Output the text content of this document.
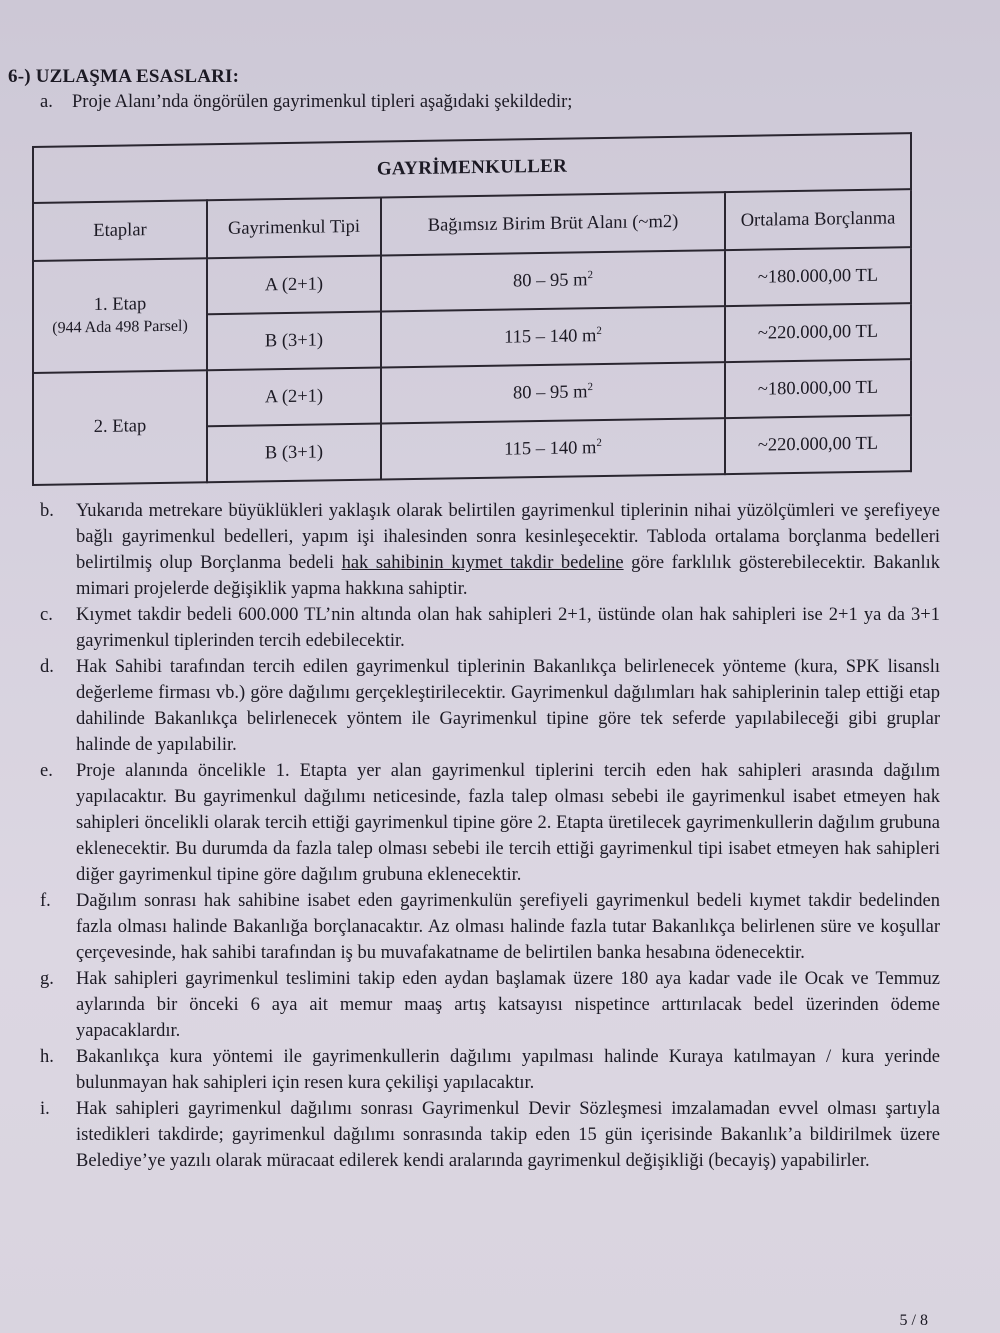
6-) UZLAŞMA ESASLARI:
a. Proje Alanı’nda öngörülen gayrimenkul tipleri aşağıdaki şekildedir;
GAYRİMENKULLER			
Etaplar	Gayrimenkul Tipi	Bağımsız Birim Brüt Alanı (~m2)	Ortalama Borçlanma
1. Etap
(944 Ada 498 Parsel)	A (2+1)	80 – 95 $m^2$	~180.000,00 TL
	B (3+1)	115 – 140 $m^2$	~220.000,00 TL
2. Etap	A (2+1)	80 – 95 $m^2$	~180.000,00 TL
	B (3+1)	115 – 140 $m^2$	~220.000,00 TL
b.	Yukarıda metrekare büyüklükleri yaklaşık olarak belirtilen gayrimenkul tiplerinin nihai yüzölçümleri ve şerefiyeye bağlı gayrimenkul bedelleri, yapım işi ihalesinden sonra kesinleşecektir. Tabloda ortalama borçlanma bedelleri belirtilmiş olup Borçlanma bedeli hak sahibinin kıymet takdir bedeline göre farklılık gösterebilecektir. Bakanlık mimari projelerde değişiklik yapma hakkına sahiptir.
c.	Kıymet takdir bedeli 600.000 TL’nin altında olan hak sahipleri 2+1, üstünde olan hak sahipleri ise 2+1 ya da 3+1 gayrimenkul tiplerinden tercih edebilecektir.
d.	Hak Sahibi tarafından tercih edilen gayrimenkul tiplerinin Bakanlıkça belirlenecek yönteme (kura, SPK lisanslı değerleme firması vb.) göre dağılımı gerçekleştirilecektir. Gayrimenkul dağılımları hak sahiplerinin talep ettiği etap dahilinde Bakanlıkça belirlenecek yöntem ile Gayrimenkul tipine göre tek seferde yapılabileceği gibi gruplar halinde de yapılabilir.
e.	Proje alanında öncelikle 1. Etapta yer alan gayrimenkul tiplerini tercih eden hak sahipleri arasında dağılım yapılacaktır. Bu gayrimenkul dağılımı neticesinde, fazla talep olması sebebi ile gayrimenkul isabet etmeyen hak sahipleri öncelikli olarak tercih ettiği gayrimenkul tipine göre 2. Etapta üretilecek gayrimenkullerin dağılım grubuna eklenecektir. Bu durumda da fazla talep olması sebebi ile tercih ettiği gayrimenkul tipi isabet etmeyen hak sahipleri diğer gayrimenkul tipine göre dağılım grubuna eklenecektir.
f.	Dağılım sonrası hak sahibine isabet eden gayrimenkulün şerefiyeli gayrimenkul bedeli kıymet takdir bedelinden fazla olması halinde Bakanlığa borçlanacaktır. Az olması halinde fazla tutar Bakanlıkça belirlenen süre ve koşullar çerçevesinde, hak sahibi tarafından iş bu muvafakatname de belirtilen banka hesabına ödenecektir.
g.	Hak sahipleri gayrimenkul teslimini takip eden aydan başlamak üzere 180 aya kadar vade ile Ocak ve Temmuz aylarında bir önceki 6 aya ait memur maaş artış katsayısı nispetince arttırılacak bedel üzerinden ödeme yapacaklardır.
h.	Bakanlıkça kura yöntemi ile gayrimenkullerin dağılımı yapılması halinde Kuraya katılmayan / kura yerinde bulunmayan hak sahipleri için resen kura çekilişi yapılacaktır.
i.	Hak sahipleri gayrimenkul dağılımı sonrası Gayrimenkul Devir Sözleşmesi imzalamadan evvel olması şartıyla istedikleri takdirde; gayrimenkul dağılımı sonrasında takip eden 15 gün içerisinde Bakanlık’a bildirilmek üzere Belediye’ye yazılı olarak müracaat edilerek kendi aralarında gayrimenkul değişikliği (becayiş) yapabilirler.
5 / 8
